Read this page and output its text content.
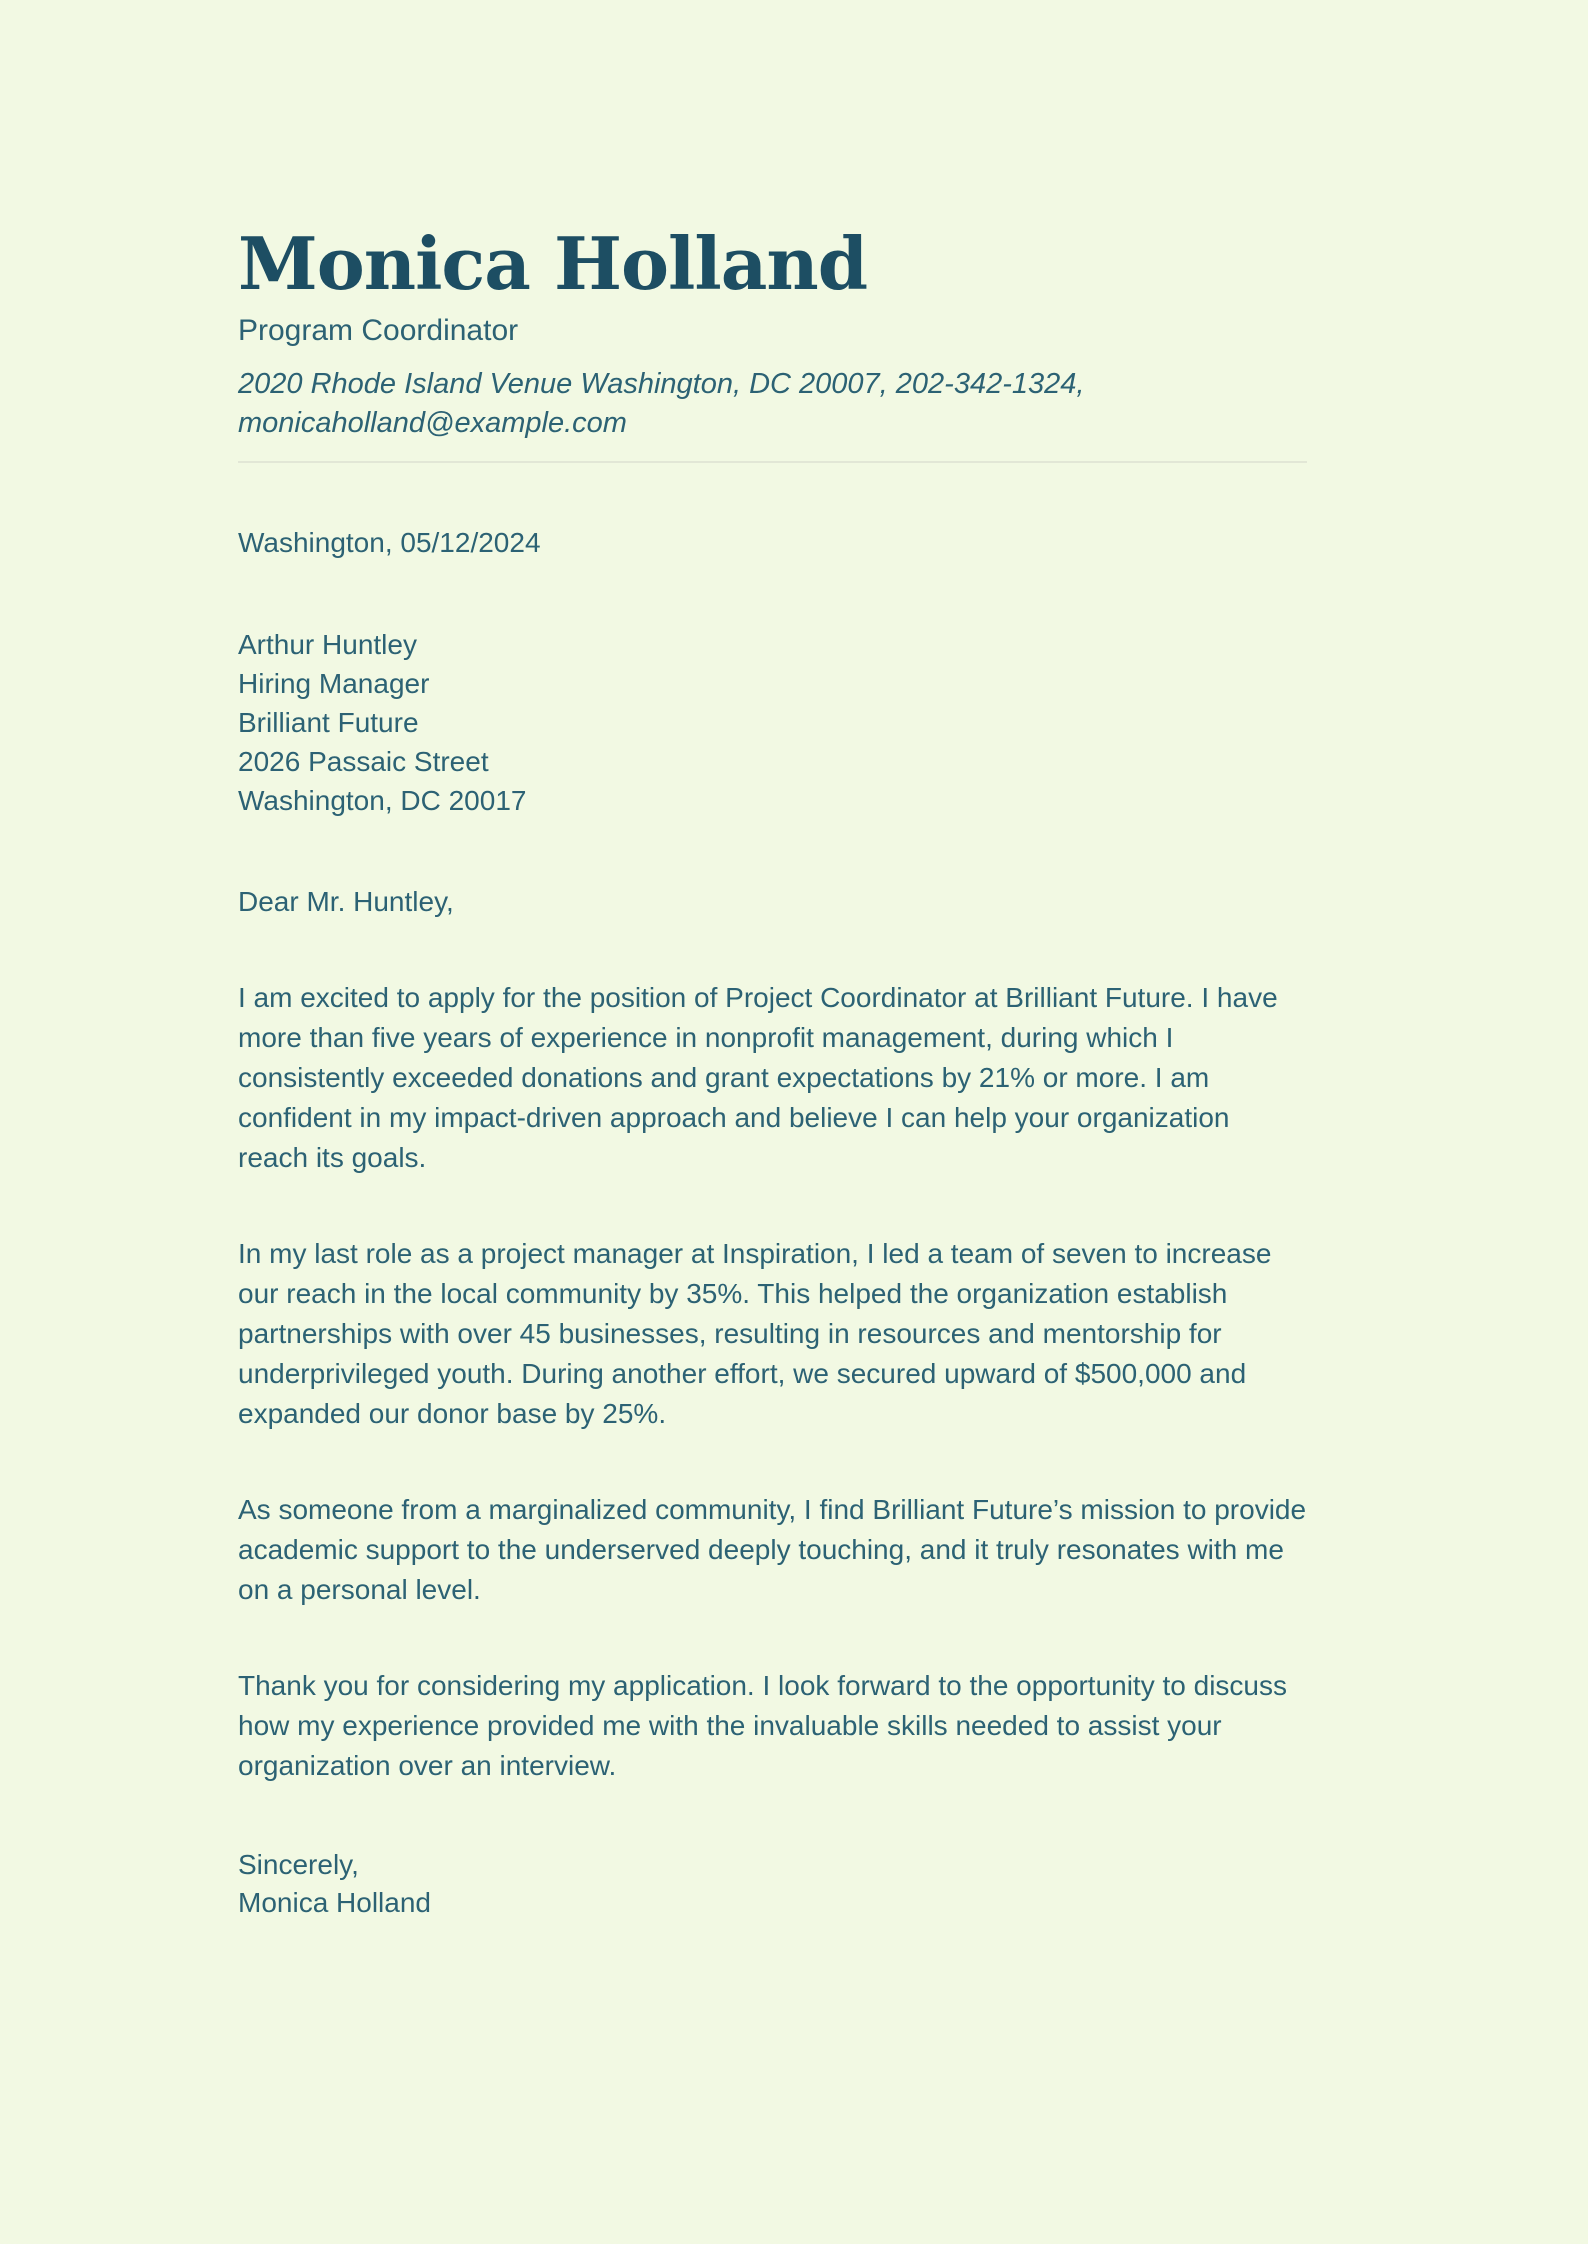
Monica Holland
Program Coordinator
2020 Rhode Island Venue Washington, DC 20007, 202-342-1324,
monicaholland@example.com
Washington, 05/12/2024
Arthur Huntley
Hiring Manager
Brilliant Future
2026 Passaic Street
Washington, DC 20017
Dear Mr. Huntley,

I am excited to apply for the position of Project Coordinator at Brilliant Future. I have more than five years of experience in nonprofit management, during which I consistently exceeded donations and grant expectations by 21% or more. I am confident in my impact-driven approach and believe I can help your organization reach its goals.

In my last role as a project manager at Inspiration, I led a team of seven to increase our reach in the local community by 35%. This helped the organization establish partnerships with over 45 businesses, resulting in resources and mentorship for underprivileged youth. During another effort, we secured upward of $500,000 and expanded our donor base by 25%.

As someone from a marginalized community, I find Brilliant Future’s mission to provide academic support to the underserved deeply touching, and it truly resonates with me on a personal level.

Thank you for considering my application. I look forward to the opportunity to discuss how my experience provided me with the invaluable skills needed to assist your organization over an interview.

Sincerely,
Monica Holland
